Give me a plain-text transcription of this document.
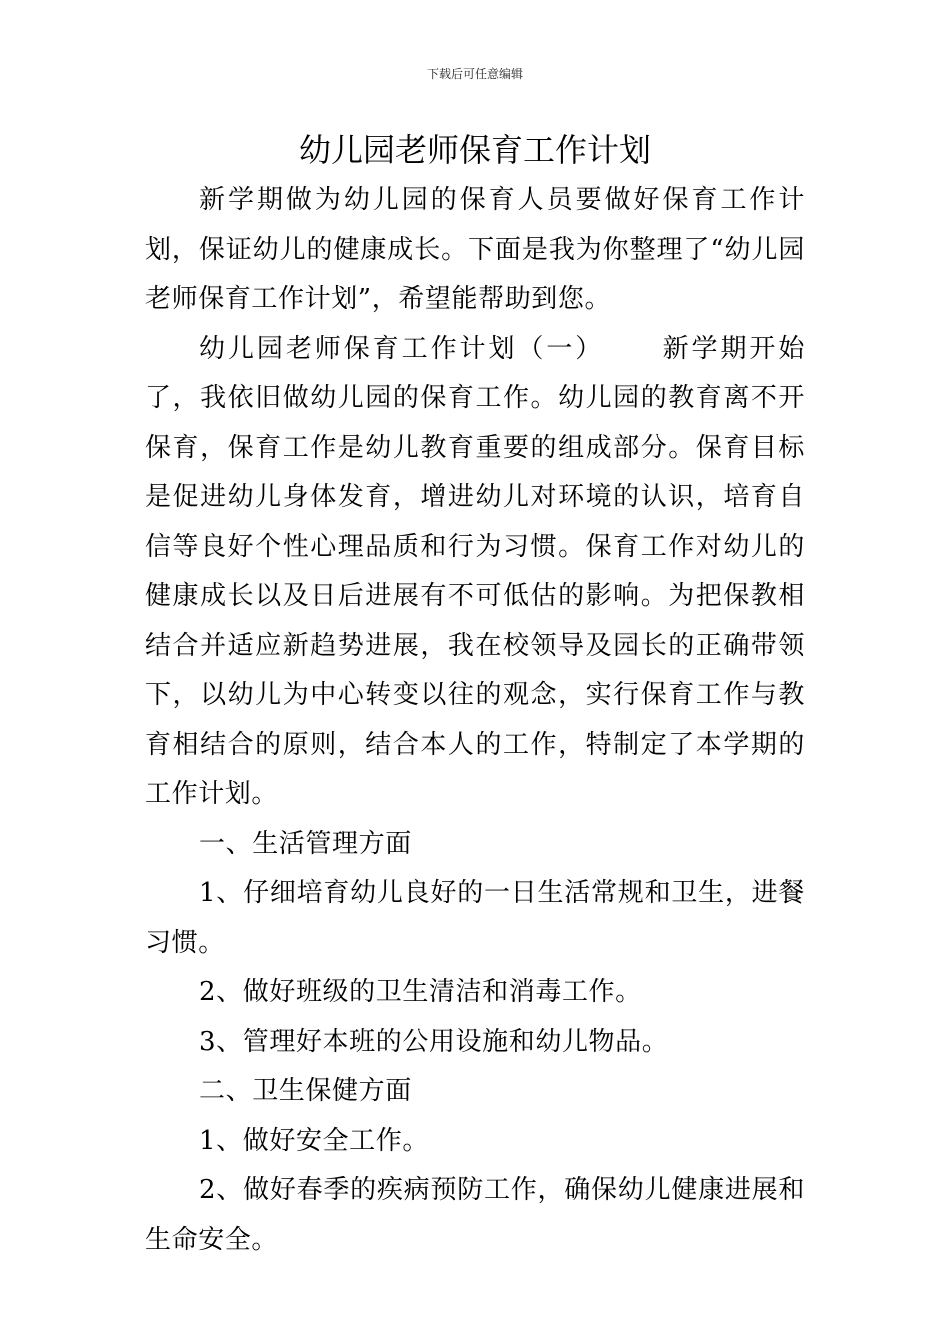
下载后可任意编辑
幼儿园老师保育工作计划

新学期做为幼儿园的保育人员要做好保育工作计划，保证幼儿的健康成长。下面是我为你整理了“幼儿园老师保育工作计划”，希望能帮助到您。

幼儿园老师保育工作计划（一） 新学期开始了，我依旧做幼儿园的保育工作。幼儿园的教育离不开保育，保育工作是幼儿教育重要的组成部分。保育目标是促进幼儿身体发育，增进幼儿对环境的认识，培育自信等良好个性心理品质和行为习惯。保育工作对幼儿的健康成长以及日后进展有不可低估的影响。为把保教相结合并适应新趋势进展，我在校领导及园长的正确带领下，以幼儿为中心转变以往的观念，实行保育工作与教育相结合的原则，结合本人的工作，特制定了本学期的工作计划。

一、生活管理方面

1、仔细培育幼儿良好的一日生活常规和卫生，进餐习惯。

2、做好班级的卫生清洁和消毒工作。

3、管理好本班的公用设施和幼儿物品。

二、卫生保健方面

1、做好安全工作。

2、做好春季的疾病预防工作，确保幼儿健康进展和生命安全。
